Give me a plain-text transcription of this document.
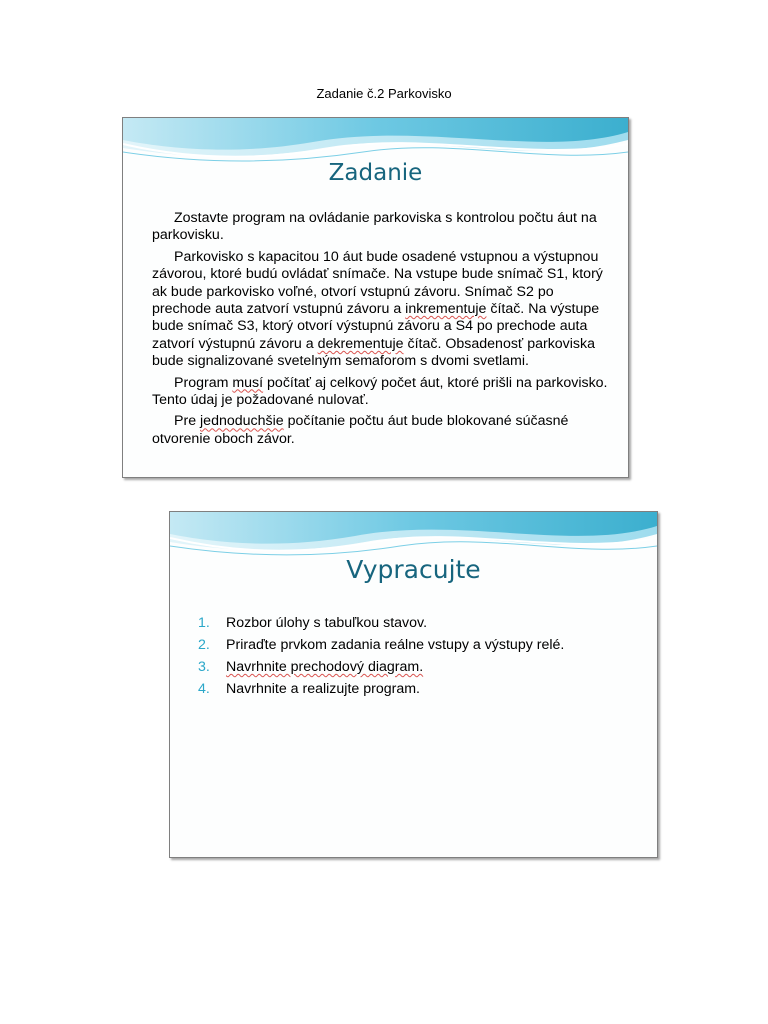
Zadanie č.2 Parkovisko
Zadanie

Zostavte program na ovládanie parkoviska s kontrolou počtu áut na parkovisku.

Parkovisko s kapacitou 10 áut bude osadené vstupnou a výstupnou závorou, ktoré budú ovládať snímače. Na vstupe bude snímač S1, ktorý ak bude parkovisko voľné, otvorí vstupnú závoru. Snímač S2 po prechode auta zatvorí vstupnú závoru a inkrementuje čítač. Na výstupe bude snímač S3, ktorý otvorí výstupnú závoru a S4 po prechode auta zatvorí výstupnú závoru a dekrementuje čítač. Obsadenosť parkoviska bude signalizované svetelným semaforom s dvomi svetlami.

Program musí počítať aj celkový počet áut, ktoré prišli na parkovisko. Tento údaj je požadované nulovať.

Pre jednoduchšie počítanie počtu áut bude blokované súčasné otvorenie oboch závor.

Vypracujte
1. Rozbor úlohy s tabuľkou stavov.
2. Priraďte prvkom zadania reálne vstupy a výstupy relé.
3. Navrhnite prechodový diagram.
4. Navrhnite a realizujte program.
